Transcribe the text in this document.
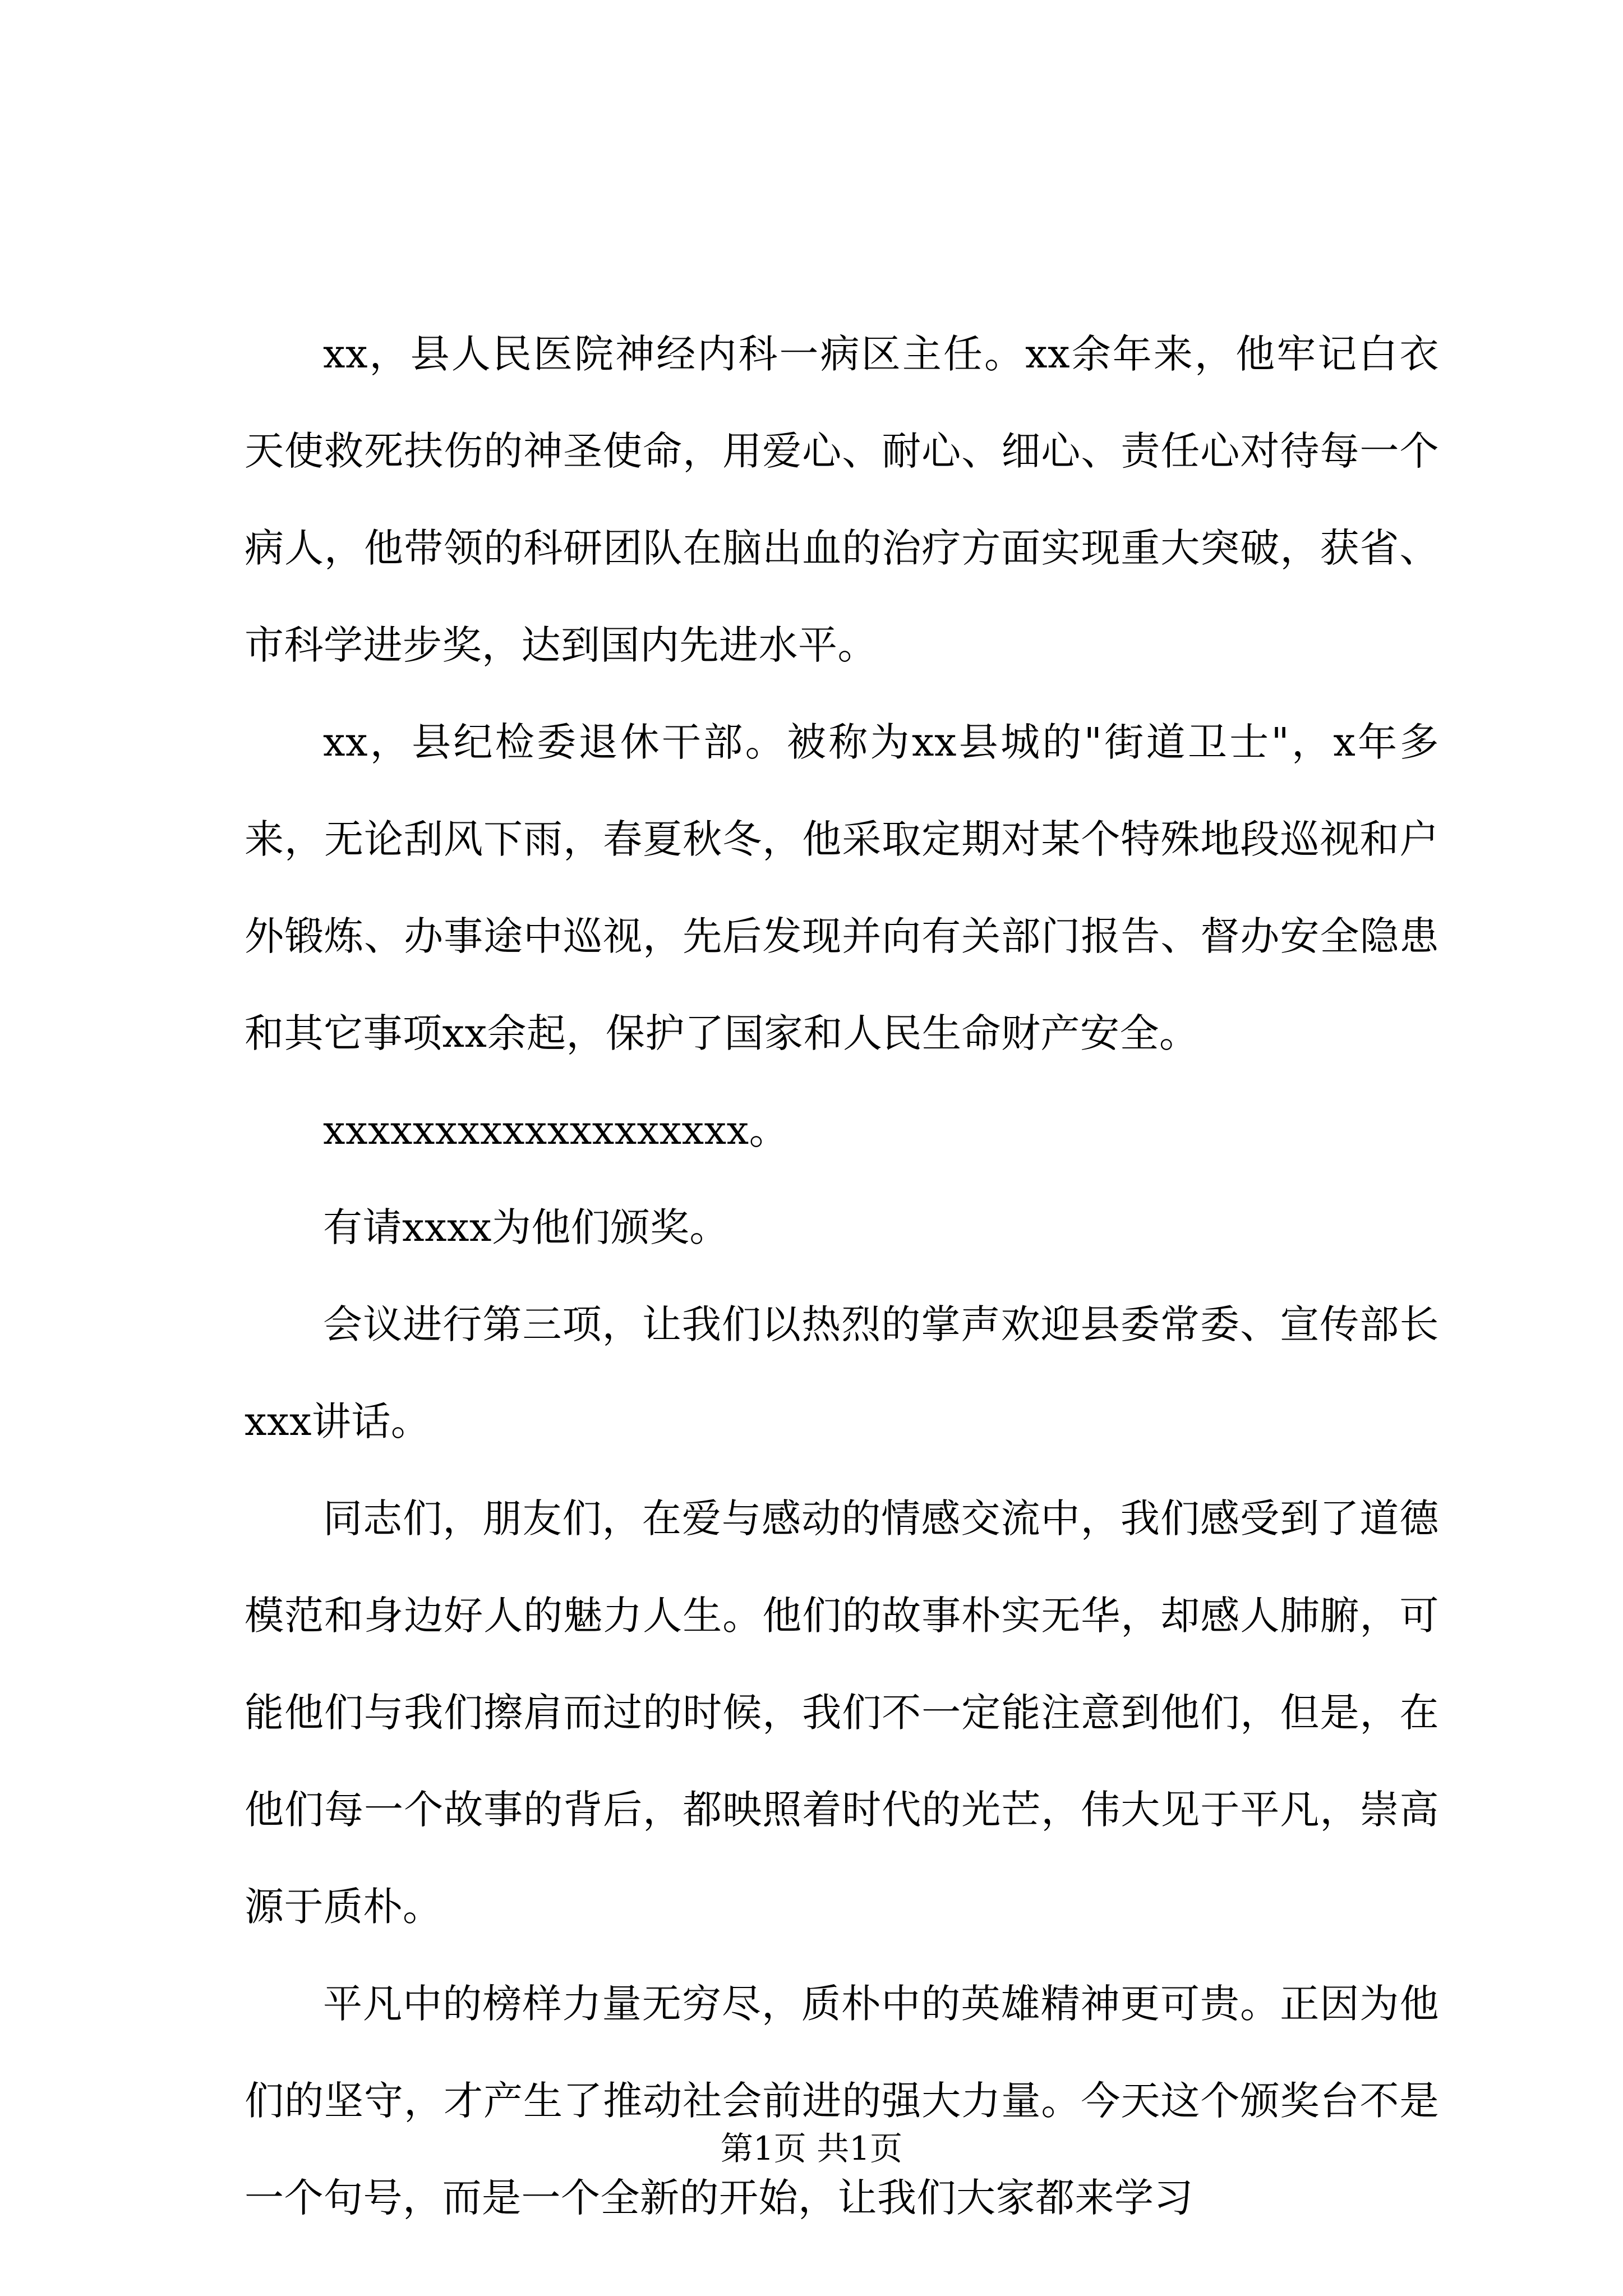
xx，县人民医院神经内科一病区主任。xx余年来，他牢记白衣天使救死扶伤的神圣使命，用爱心、耐心、细心、责任心对待每一个病人，他带领的科研团队在脑出血的治疗方面实现重大突破，获省、市科学进步奖，达到国内先进水平。

xx，县纪检委退休干部。被称为xx县城的"街道卫士"，x年多来，无论刮风下雨，春夏秋冬，他采取定期对某个特殊地段巡视和户外锻炼、办事途中巡视，先后发现并向有关部门报告、督办安全隐患和其它事项xx余起，保护了国家和人民生命财产安全。

xxxxxxxxxxxxxxxxxxx。

有请xxxx为他们颁奖。

会议进行第三项，让我们以热烈的掌声欢迎县委常委、宣传部长xxx讲话。

同志们，朋友们，在爱与感动的情感交流中，我们感受到了道德模范和身边好人的魅力人生。他们的故事朴实无华，却感人肺腑，可能他们与我们擦肩而过的时候，我们不一定能注意到他们，但是，在他们每一个故事的背后，都映照着时代的光芒，伟大见于平凡，崇高源于质朴。

平凡中的榜样力量无穷尽，质朴中的英雄精神更可贵。正因为他们的坚守，才产生了推动社会前进的强大力量。今天这个颁奖台不是一个句号，而是一个全新的开始，让我们大家都来学习

第1页 共1页
